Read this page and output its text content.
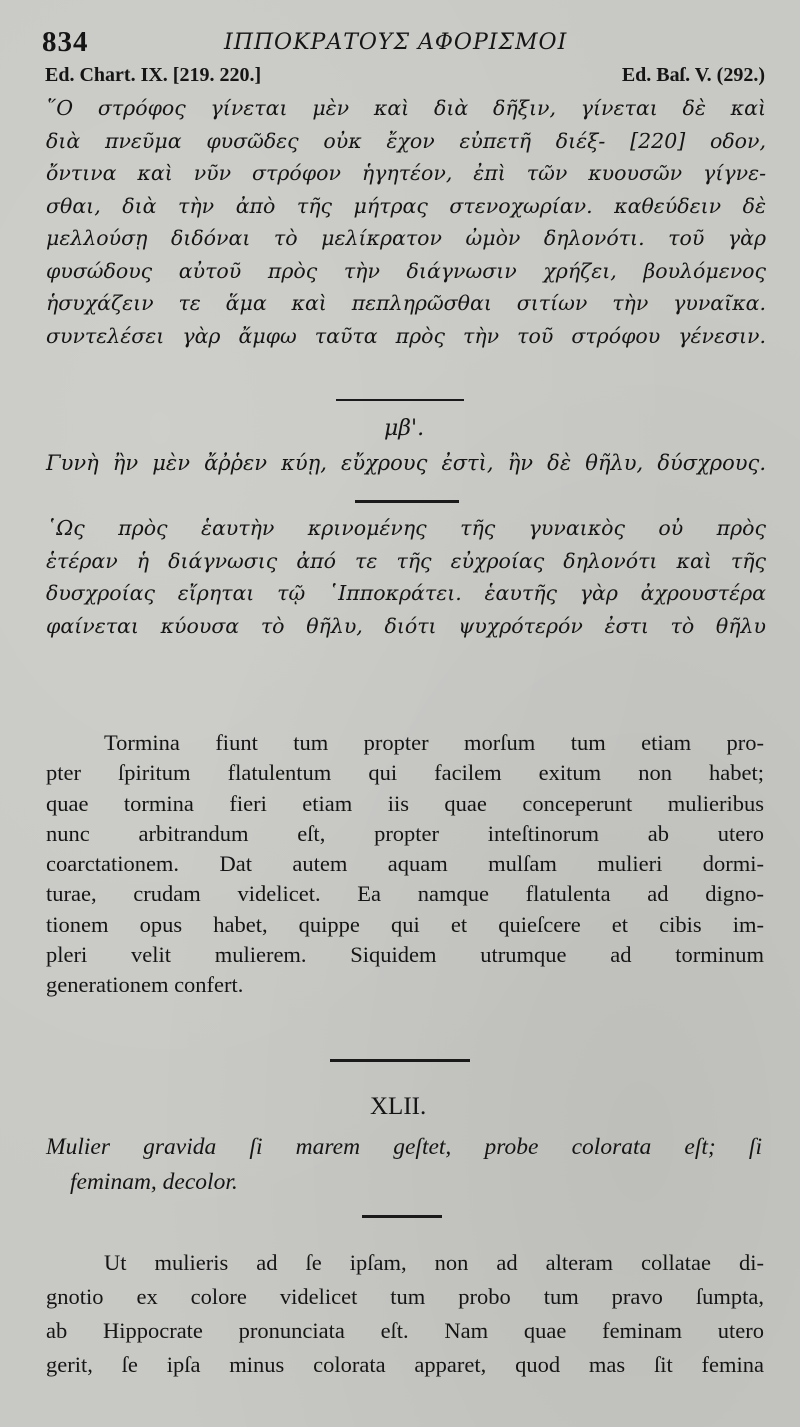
834	ΙΠΠΟΚΡΑΤΟΥΣ ΑΦΟΡΙΣΜΟΙ
Ed. Chart. IX. [219. 220.]	Ed. Baſ. V. (292.)
῞Ο στρόφος γίνεται μὲν καὶ διὰ δῆξιν, γίνεται δὲ καὶ
διὰ πνεῦμα φυσῶδες οὐκ ἔχον εὐπετῆ διέξ- [220] οδον,
ὄντινα καὶ νῦν στρόφον ἡγητέον, ἐπὶ τῶν κυουσῶν γίγνε-
σθαι, διὰ τὴν ἀπὸ τῆς μήτρας στενοχωρίαν. καθεύδειν δὲ
μελλούσῃ διδόναι τὸ μελίκρατον ὠμὸν δηλονότι. τοῦ γὰρ
φυσώδους αὐτοῦ πρὸς τὴν διάγνωσιν χρήζει, βουλόμενος
ἡσυχάζειν τε ἅμα καὶ πεπληρῶσθαι σιτίων τὴν γυναῖκα.
συντελέσει γὰρ ἄμφω ταῦτα πρὸς τὴν τοῦ στρόφου γένεσιν.
μβ'.
Γυνὴ ἢν μὲν ἄῤῥεν κύῃ, εὔχρους ἐστὶ, ἢν δὲ θῆλυ, δύσχρους.
῾Ως πρὸς ἑαυτὴν κρινομένης τῆς γυναικὸς οὐ πρὸς
ἑτέραν ἡ διάγνωσις ἀπό τε τῆς εὐχροίας δηλονότι καὶ τῆς
δυσχροίας εἴρηται τῷ ῾Ιπποκράτει. ἑαυτῆς γὰρ ἀχρουστέρα
φαίνεται κύουσα τὸ θῆλυ, διότι ψυχρότερόν ἐστι τὸ θῆλυ
Tormina fiunt tum propter morſum tum etiam pro-
pter ſpiritum flatulentum qui facilem exitum non habet;
quae tormina fieri etiam iis quae conceperunt mulieribus
nunc arbitrandum eſt, propter inteſtinorum ab utero
coarctationem. Dat autem aquam mulſam mulieri dormi-
turae, crudam videlicet. Ea namque flatulenta ad digno-
tionem opus habet, quippe qui et quieſcere et cibis im-
pleri velit mulierem. Siquidem utrumque ad torminum
generationem confert.
XLII.
Mulier gravida ſi marem geſtet, probe colorata eſt; ſi
feminam, decolor.
Ut mulieris ad ſe ipſam, non ad alteram collatae di-
gnotio ex colore videlicet tum probo tum pravo ſumpta,
ab Hippocrate pronunciata eſt. Nam quae feminam utero
gerit, ſe ipſa minus colorata apparet, quod mas ſit femina
